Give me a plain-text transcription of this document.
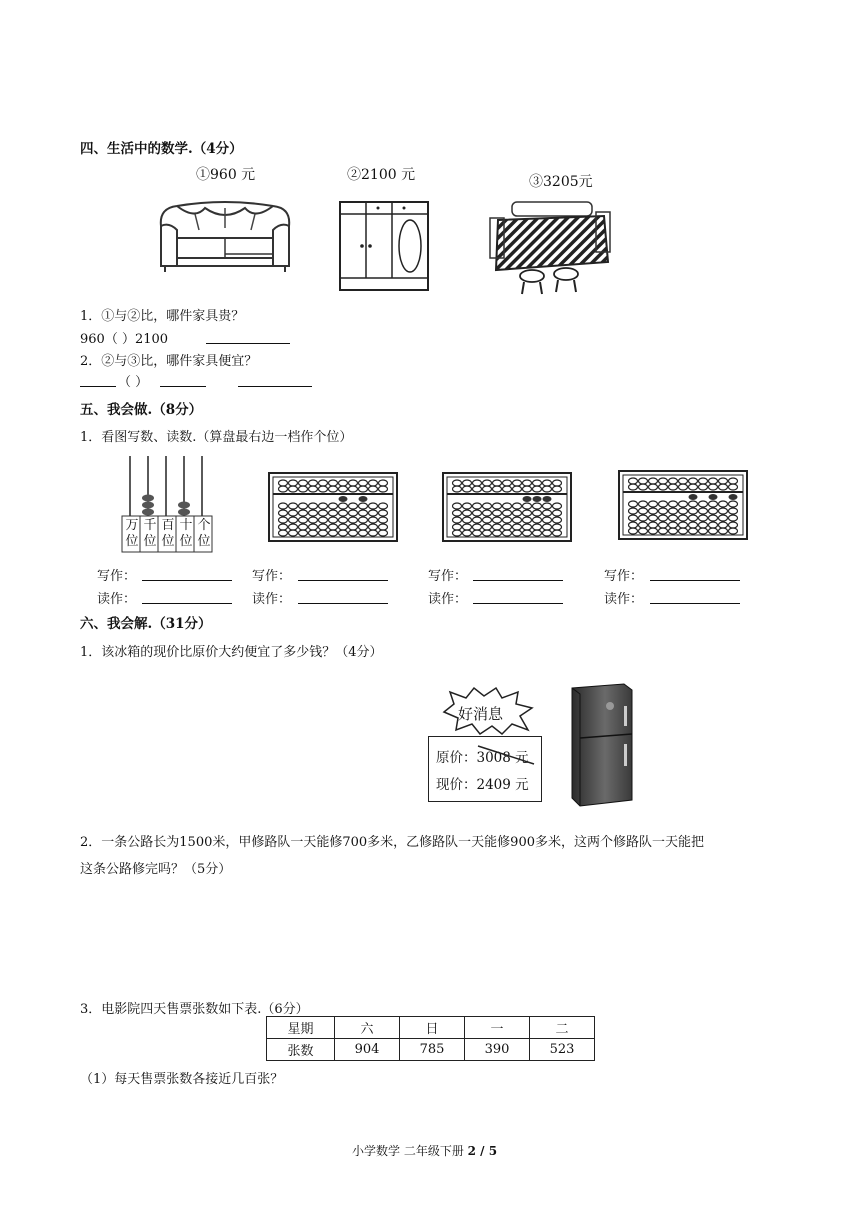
四、生活中的数学.（4分）
①960 元	②2100 元	③3205元
1．①与②比，哪件家具贵？
960（ ）2100
2．②与③比，哪件家具便宜？
（ ）
五、我会做.（8分）
1．看图写数、读数.（算盘最右边一档作个位）
万位
千位
百位
十位
个位
写作：
读作：
写作：
读作：
写作：
读作：
写作：
读作：
六、我会解.（31分）
1．该冰箱的现价比原价大约便宜了多少钱？（4分）
好消息
原价：3008 元
现价：2409 元
2．一条公路长为1500米，甲修路队一天能修700多米，乙修路队一天能修900多米，这两个修路队一天能把
这条公路修完吗？（5分）
3．电影院四天售票张数如下表.（6分）
星期	六	日	一	二
张数	904	785	390	523
（1）每天售票张数各接近几百张？
小学数学 二年级下册 2 / 5
